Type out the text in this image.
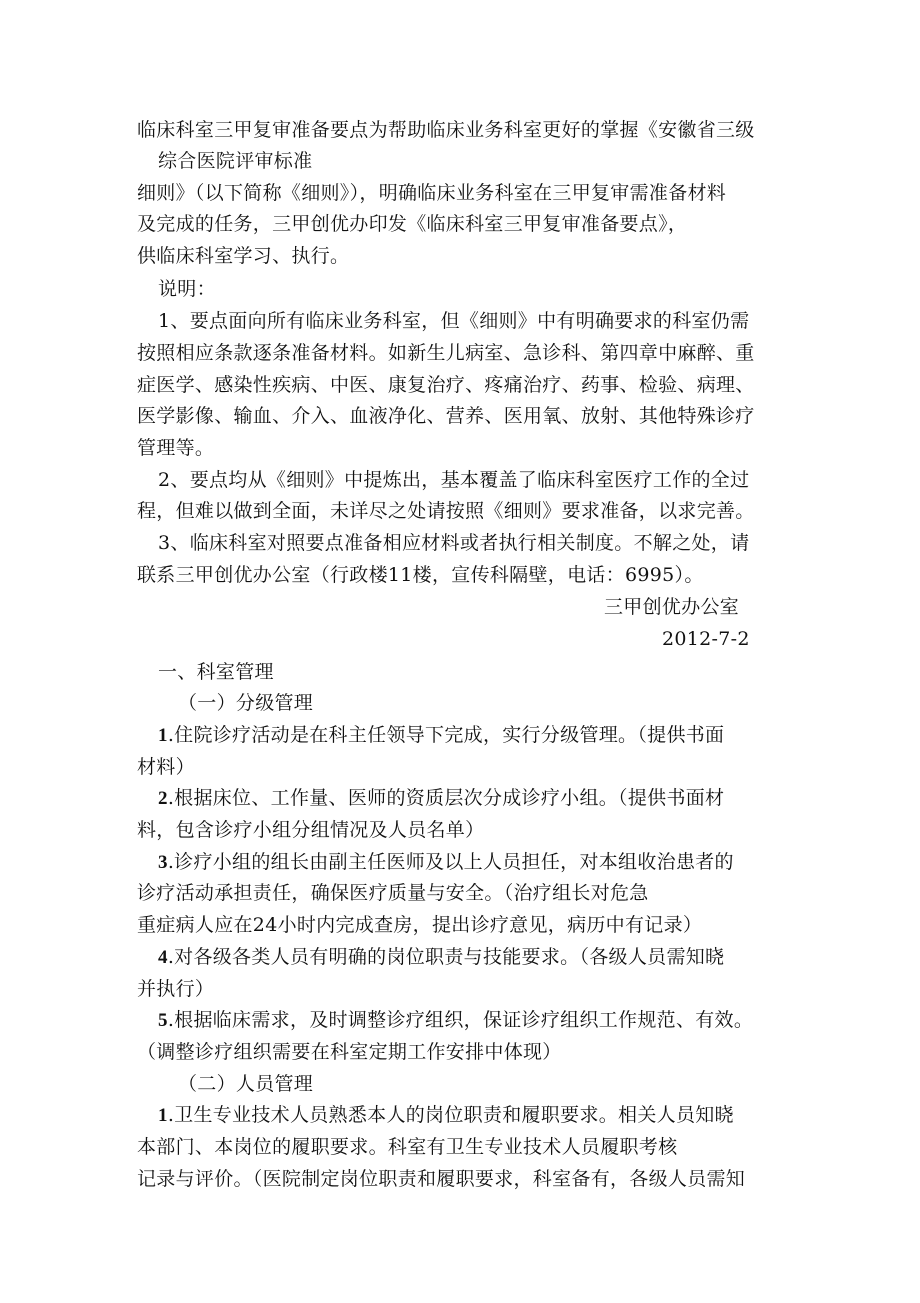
临床科室三甲复审准备要点为帮助临床业务科室更好的掌握《安徽省三级
综合医院评审标准
细则》（以下简称《细则》），明确临床业务科室在三甲复审需准备材料
及完成的任务，三甲创优办印发《临床科室三甲复审准备要点》，
供临床科室学习、执行。
说明：
1、要点面向所有临床业务科室，但《细则》中有明确要求的科室仍需
按照相应条款逐条准备材料。如新生儿病室、急诊科、第四章中麻醉、重
症医学、感染性疾病、中医、康复治疗、疼痛治疗、药事、检验、病理、
医学影像、输血、介入、血液净化、营养、医用氧、放射、其他特殊诊疗
管理等。
2、要点均从《细则》中提炼出，基本覆盖了临床科室医疗工作的全过
程，但难以做到全面，未详尽之处请按照《细则》要求准备，以求完善。
3、临床科室对照要点准备相应材料或者执行相关制度。不解之处，请
联系三甲创优办公室（行政楼11楼，宣传科隔壁，电话：6995）。
三甲创优办公室
2012-7-2
一、科室管理
（一）分级管理
1.住院诊疗活动是在科主任领导下完成，实行分级管理。（提供书面
材料）
2.根据床位、工作量、医师的资质层次分成诊疗小组。（提供书面材
料，包含诊疗小组分组情况及人员名单）
3.诊疗小组的组长由副主任医师及以上人员担任，对本组收治患者的
诊疗活动承担责任，确保医疗质量与安全。（治疗组长对危急
重症病人应在24小时内完成查房，提出诊疗意见，病历中有记录）
4.对各级各类人员有明确的岗位职责与技能要求。（各级人员需知晓
并执行）
5.根据临床需求，及时调整诊疗组织，保证诊疗组织工作规范、有效。
（调整诊疗组织需要在科室定期工作安排中体现）
（二）人员管理
1.卫生专业技术人员熟悉本人的岗位职责和履职要求。相关人员知晓
本部门、本岗位的履职要求。科室有卫生专业技术人员履职考核
记录与评价。（医院制定岗位职责和履职要求，科室备有，各级人员需知
